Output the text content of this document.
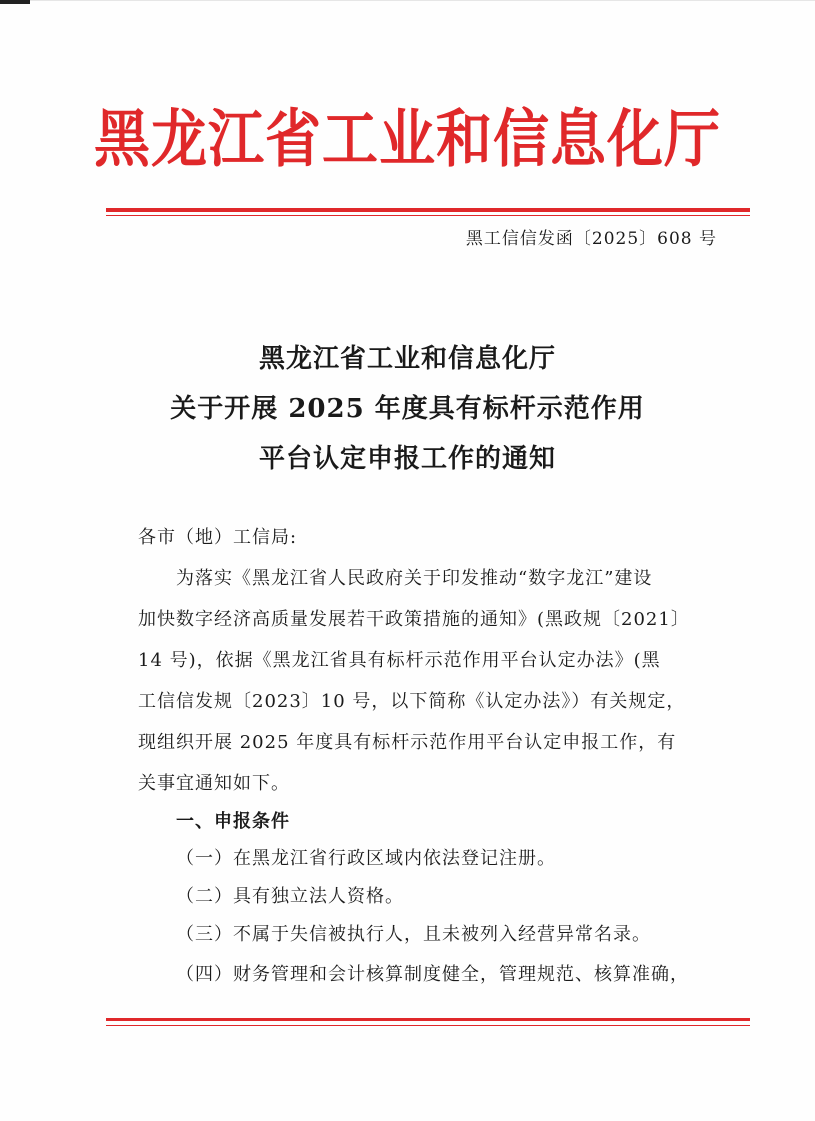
黑龙江省工业和信息化厅
黑工信信发函〔2025〕608 号
黑龙江省工业和信息化厅
关于开展 2025 年度具有标杆示范作用
平台认定申报工作的通知
各市（地）工信局:
为落实《黑龙江省人民政府关于印发推动“数字龙江”建设
加快数字经济高质量发展若干政策措施的通知》(黑政规〔2021〕
14 号)，依据《黑龙江省具有标杆示范作用平台认定办法》(黑
工信信发规〔2023〕10 号，以下简称《认定办法》）有关规定，
现组织开展 2025 年度具有标杆示范作用平台认定申报工作，有
关事宜通知如下。
一、申报条件
（一）在黑龙江省行政区域内依法登记注册。
（二）具有独立法人资格。
（三）不属于失信被执行人，且未被列入经营异常名录。
（四）财务管理和会计核算制度健全，管理规范、核算准确，
